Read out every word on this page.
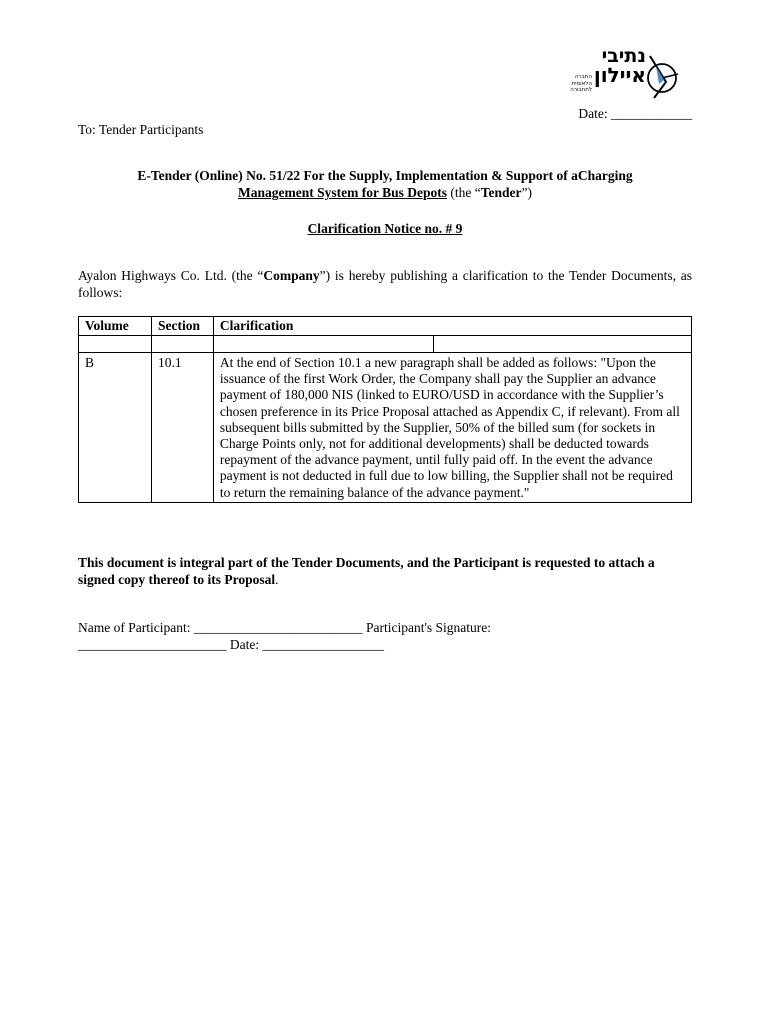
החברה
הלאומית
לתחבורה
נתיבי
איילון
Date: ____________
To: Tender Participants
E-Tender (Online) No. 51/22 For the Supply, Implementation & Support of aCharging
Management System for Bus Depots (the “Tender”)
Clarification Notice no. # 9
Ayalon Highways Co. Ltd. (the “Company”) is hereby publishing a clarification to the Tender Documents, as follows:
Volume	Section	Clarification	

B	10.1	At the end of Section 10.1 a new paragraph shall be added as follows: "Upon the issuance of the first Work Order, the Company shall pay the Supplier an advance payment of 180,000 NIS (linked to EURO/USD in accordance with the Supplier’s chosen preference in its Price Proposal attached as Appendix C, if relevant). From all subsequent bills submitted by the Supplier, 50% of the billed sum (for sockets in Charge Points only, not for additional developments) shall be deducted towards repayment of the advance payment, until fully paid off. In the event the advance payment is not deducted in full due to low billing, the Supplier shall not be required to return the remaining balance of the advance payment."	
This document is integral part of the Tender Documents, and the Participant is requested to attach a signed copy thereof to its Proposal.
Name of Participant: _________________________ Participant's Signature:
______________________ Date: __________________
